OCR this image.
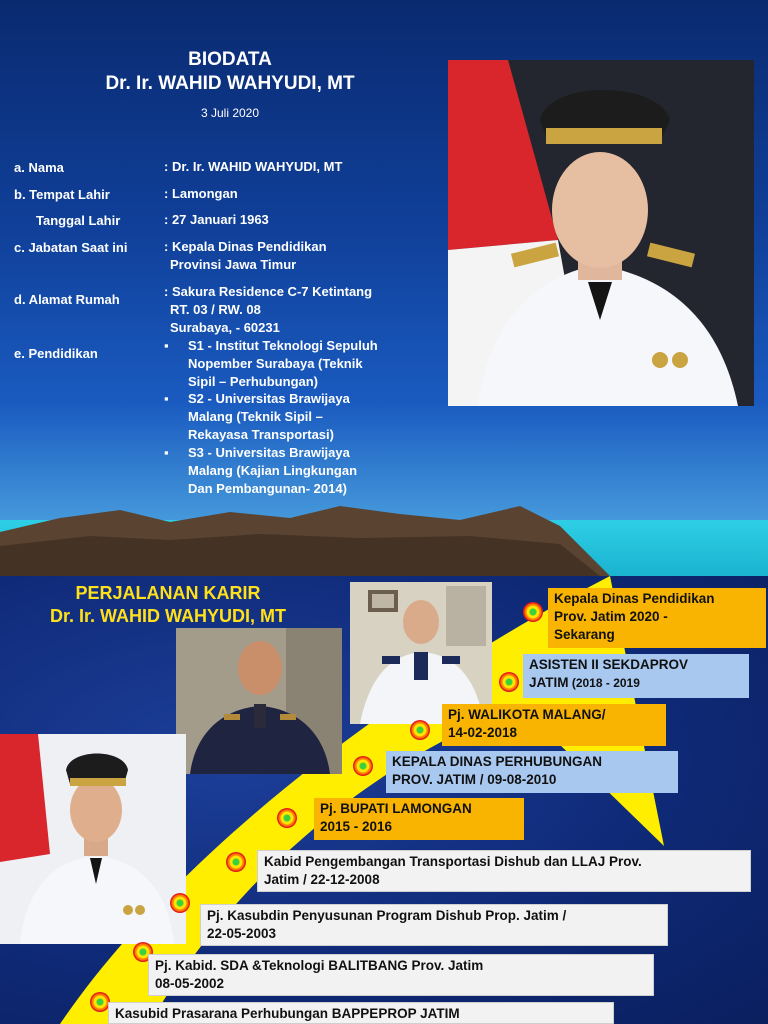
BIODATA
Dr. Ir. WAHID WAHYUDI, MT
3 Juli 2020
a. Nama	: Dr. Ir. WAHID WAHYUDI, MT
b. Tempat Lahir	: Lamongan
Tanggal Lahir	: 27 Januari 1963
c. Jabatan Saat ini	: Kepala Dinas Pendidikan
Provinsi Jawa Timur
d. Alamat Rumah
: Sakura Residence C-7 Ketintang
RT. 03 / RW. 08
Surabaya, - 60231
e. Pendidikan
▪ S1 - Institut Teknologi Sepuluh
Nopember Surabaya (Teknik
Sipil – Perhubungan)
▪ S2 - Universitas Brawijaya
Malang (Teknik Sipil –
Rekayasa Transportasi)
▪ S3 - Universitas Brawijaya
Malang (Kajian Lingkungan
Dan Pembangunan- 2014)
PERJALANAN KARIR
Dr. Ir. WAHID WAHYUDI, MT
Kepala Dinas Pendidikan
Prov. Jatim 2020 -
Sekarang
ASISTEN II SEKDAPROV
JATIM (2018 - 2019
Pj. WALIKOTA MALANG/
14-02-2018
KEPALA DINAS PERHUBUNGAN
PROV. JATIM / 09-08-2010
Pj. BUPATI LAMONGAN
2015 - 2016
Kabid Pengembangan Transportasi Dishub dan LLAJ Prov.
Jatim / 22-12-2008
Pj. Kasubdin Penyusunan Program Dishub Prop. Jatim /
22-05-2003
Pj. Kabid. SDA &Teknologi BALITBANG Prov. Jatim
08-05-2002
Kasubid Prasarana Perhubungan BAPPEPROP JATIM
